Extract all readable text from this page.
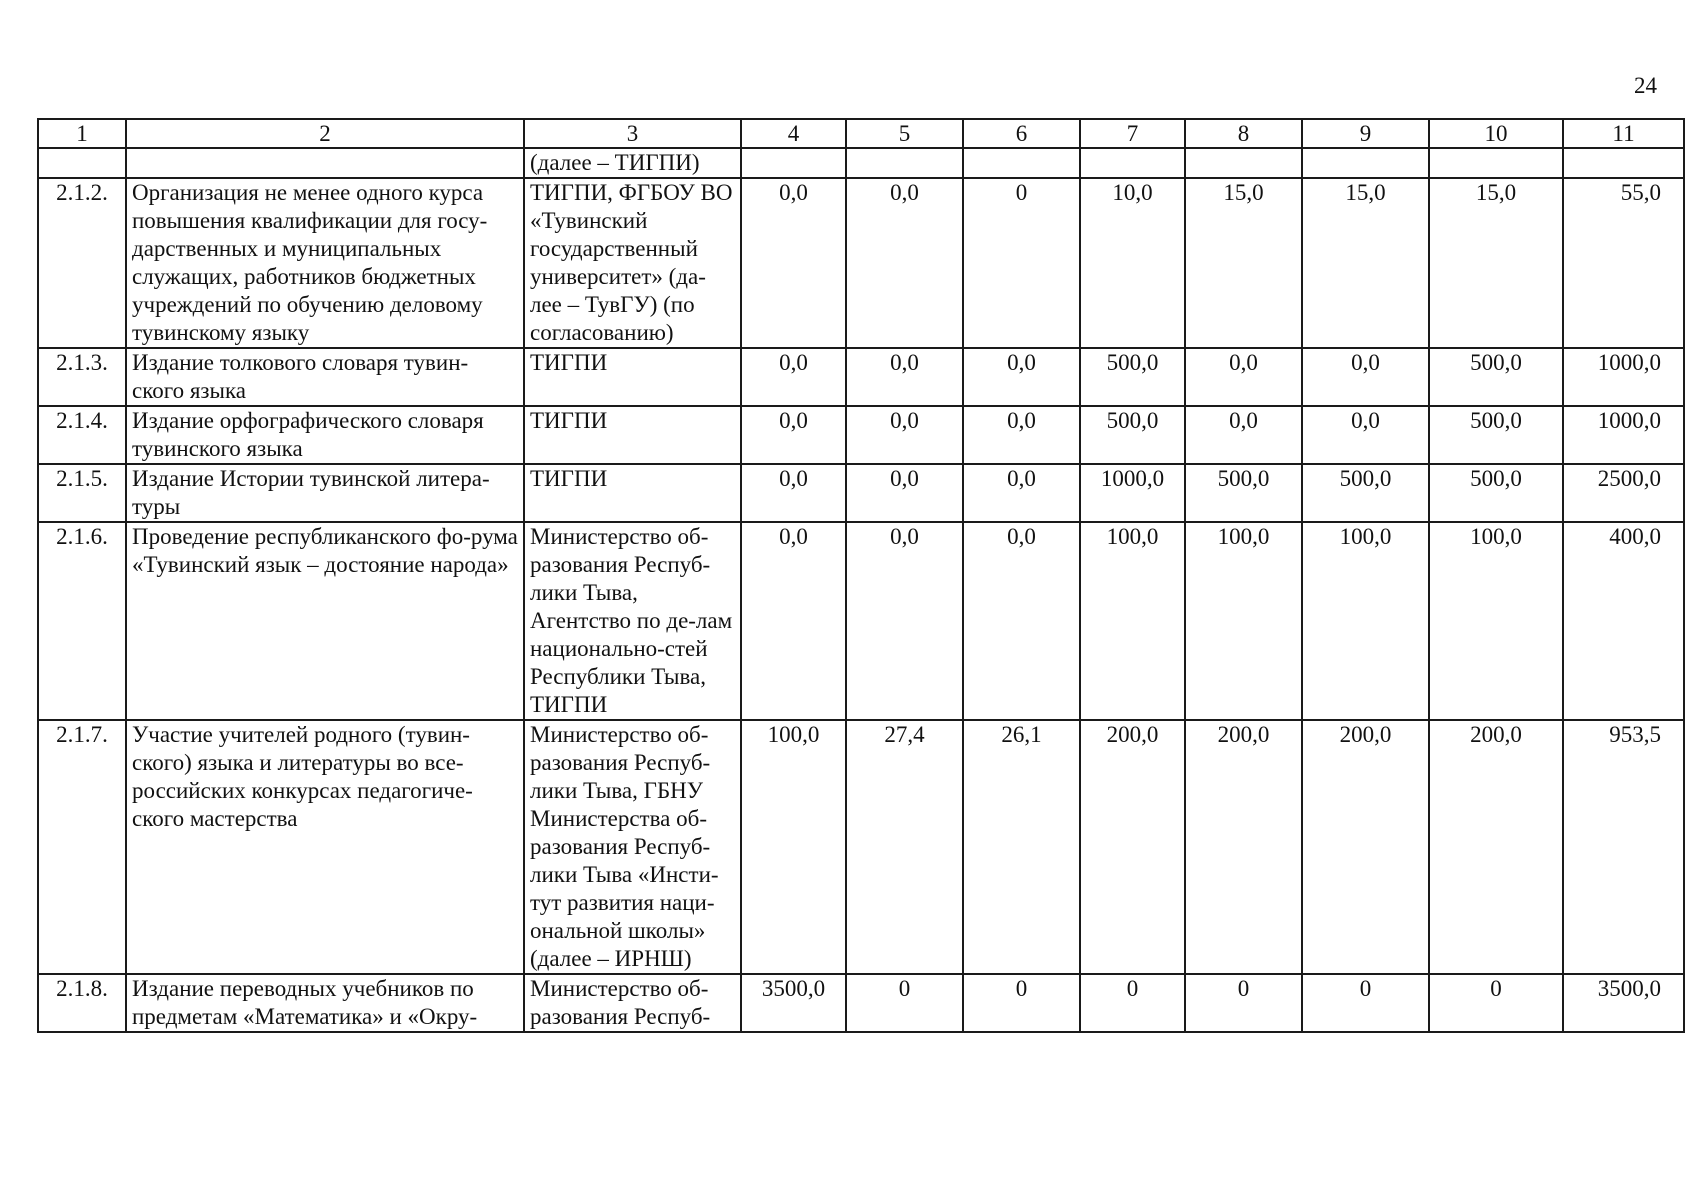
24
1	2	3	4	5	6	7	8	9	10	11
		(далее – ТИГПИ)								
2.1.2.	Организация не менее одного курса повышения квалификации для госу-дарственных и муниципальных служащих, работников бюджетных учреждений по обучению деловому тувинскому языку	ТИГПИ, ФГБОУ ВО «Тувинский государственный университет» (да-лее – ТувГУ) (по согласованию)	0,0	0,0	0	10,0	15,0	15,0	15,0	55,0
2.1.3.	Издание толкового словаря тувин-ского языка	ТИГПИ	0,0	0,0	0,0	500,0	0,0	0,0	500,0	1000,0
2.1.4.	Издание орфографического словаря тувинского языка	ТИГПИ	0,0	0,0	0,0	500,0	0,0	0,0	500,0	1000,0
2.1.5.	Издание Истории тувинской литера-туры	ТИГПИ	0,0	0,0	0,0	1000,0	500,0	500,0	500,0	2500,0
2.1.6.	Проведение республиканского фо-рума «Тувинский язык – достояние народа»	Министерство об-разования Респуб-лики Тыва, Агентство по де-лам национально-стей Республики Тыва, ТИГПИ	0,0	0,0	0,0	100,0	100,0	100,0	100,0	400,0
2.1.7.	Участие учителей родного (тувин-ского) языка и литературы во все-российских конкурсах педагогиче-ского мастерства	Министерство об-разования Респуб-лики Тыва, ГБНУ Министерства об-разования Респуб-лики Тыва «Инсти-тут развития наци-ональной школы» (далее – ИРНШ)	100,0	27,4	26,1	200,0	200,0	200,0	200,0	953,5
2.1.8.	Издание переводных учебников по предметам «Математика» и «Окру-	Министерство об-разования Респуб-	3500,0	0	0	0	0	0	0	3500,0
